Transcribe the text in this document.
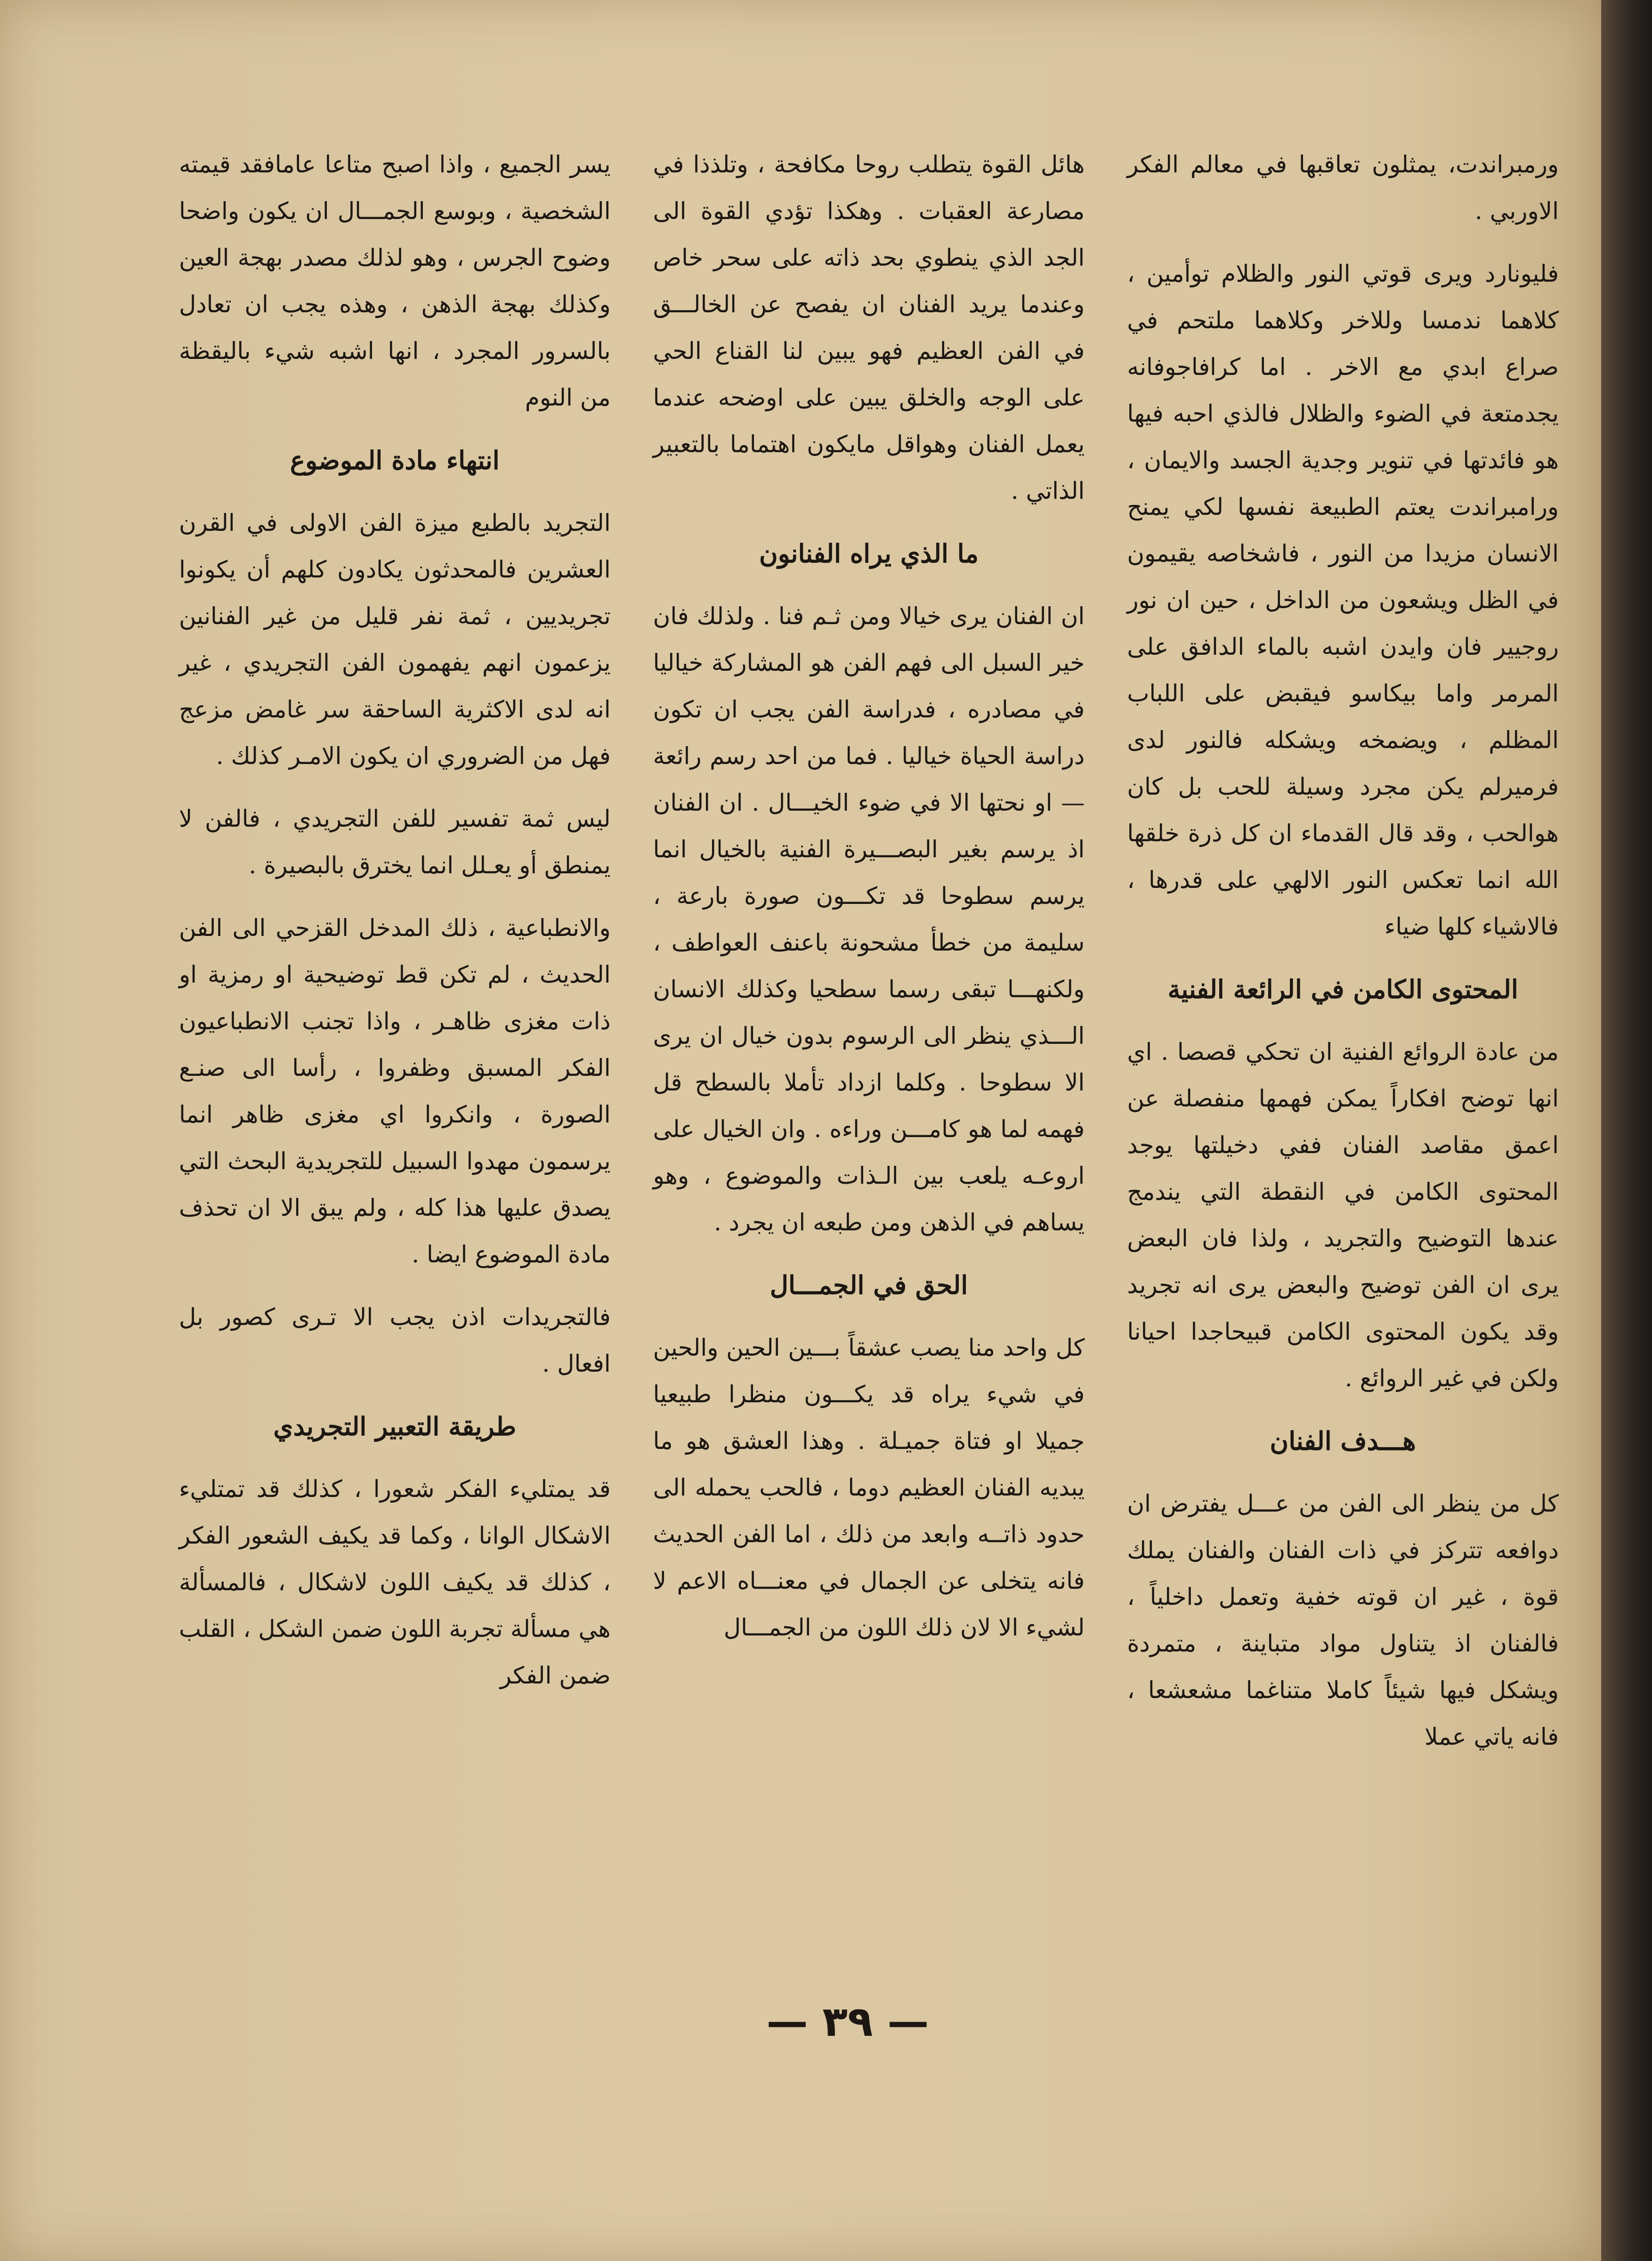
ورمبراندت، يمثلون تعاقبها في معالم الفكر الاوربي .

فليونارد ويرى قوتي النور والظلام توأمين ، كلاهما ندمسا وللاخر وكلاهما ملتحم في صراع ابدي مع الاخر . اما كرافاجوفانه يجدمتعة في الضوء والظلال فالذي احبه فيها هو فائدتها في تنوير وجدية الجسد والايمان ، ورامبراندت يعتم الطبيعة نفسها لكي يمنح الانسان مزيدا من النور ، فاشخاصه يقيمون في الظل ويشعون من الداخل ، حين ان نور روجيير فان وايدن اشبه بالماء الدافق على المرمر واما بيكاسو فيقبض على اللباب المظلم ، ويضمخه ويشكله فالنور لدى فرميرلم يكن مجرد وسيلة للحب بل كان هوالحب ، وقد قال القدماء ان كل ذرة خلقها الله انما تعكس النور الالهي على قدرها ، فالاشياء كلها ضياء

المحتوى الكامن في الرائعة الفنية

من عادة الروائع الفنية ان تحكي قصصا . اي انها توضح افكاراً يمكن فهمها منفصلة عن اعمق مقاصد الفنان ففي دخيلتها يوجد المحتوى الكامن في النقطة التي يندمج عندها التوضيح والتجريد ، ولذا فان البعض يرى ان الفن توضيح والبعض يرى انه تجريد وقد يكون المحتوى الكامن قبيحاجدا احيانا ولكن في غير الروائع .

هـــدف الفنان

كل من ينظر الى الفن من عـــل يفترض ان دوافعه تتركز في ذات الفنان والفنان يملك قوة ، غير ان قوته خفية وتعمل داخلياً ، فالفنان اذ يتناول مواد متباينة ، متمردة ويشكل فيها شيئاً كاملا متناغما مشعشعا ، فانه ياتي عملا

هائل القوة يتطلب روحا مكافحة ، وتلذذا في مصارعة العقبات . وهكذا تؤدي القوة الى الجد الذي ينطوي بحد ذاته على سحر خاص وعندما يريد الفنان ان يفصح عن الخالـــق في الفن العظيم فهو يبين لنا القناع الحي على الوجه والخلق يبين على اوضحه عندما يعمل الفنان وهواقل مايكون اهتماما بالتعبير الذاتي .

ما الذي يراه الفنانون

ان الفنان يرى خيالا ومن ثـم فنا . ولذلك فان خير السبل الى فهم الفن هو المشاركة خياليا في مصادره ، فدراسة الفن يجب ان تكون دراسة الحياة خياليا . فما من احد رسم رائعة — او نحتها الا في ضوء الخيـــال . ان الفنان اذ يرسم بغير البصـــيرة الفنية بالخيال انما يرسم سطوحا قد تكـــون صورة بارعة ، سليمة من خطأ مشحونة باعنف العواطف ، ولكنهـــا تبقى رسما سطحيا وكذلك الانسان الـــذي ينظر الى الرسوم بدون خيال ان يرى الا سطوحا . وكلما ازداد تأملا بالسطح قل فهمه لما هو كامـــن وراءه . وان الخيال على اروعـه يلعب بين الـذات والموضوع ، وهو يساهم في الذهن ومن طبعه ان يجرد .

الحق في الجمـــال

كل واحد منا يصب عشقاً بـــين الحين والحين في شيء يراه قد يكـــون منظرا طبيعيا جميلا او فتاة جميـلة . وهذا العشق هو ما يبديه الفنان العظيم دوما ، فالحب يحمله الى حدود ذاتــه وابعد من ذلك ، اما الفن الحديث فانه يتخلى عن الجمال في معنـــاه الاعم لا لشيء الا لان ذلك اللون من الجمـــال

يسر الجميع ، واذا اصبح متاعا عامافقد قيمته الشخصية ، وبوسع الجمـــال ان يكون واضحا وضوح الجرس ، وهو لذلك مصدر بهجة العين وكذلك بهجة الذهن ، وهذه يجب ان تعادل بالسرور المجرد ، انها اشبه شيء باليقظة من النوم

انتهاء مادة الموضوع

التجريد بالطبع ميزة الفن الاولى في القرن العشرين فالمحدثون يكادون كلهم أن يكونوا تجريديين ، ثمة نفر قليل من غير الفنانين يزعمون انهم يفهمون الفن التجريدي ، غير انه لدى الاكثرية الساحقة سر غامض مزعج فهل من الضروري ان يكون الامـر كذلك .

ليس ثمة تفسير للفن التجريدي ، فالفن لا يمنطق أو يعـلل انما يخترق بالبصيرة .

والانطباعية ، ذلك المدخل القزحي الى الفن الحديث ، لم تكن قط توضيحية او رمزية او ذات مغزى ظاهـر ، واذا تجنب الانطباعيون الفكر المسبق وظفروا ، رأسا الى صنـع الصورة ، وانكروا اي مغزى ظاهر انما يرسمون مهدوا السبيل للتجريدية البحث التي يصدق عليها هذا كله ، ولم يبق الا ان تحذف مادة الموضوع ايضا .

فالتجريدات اذن يجب الا تـرى كصور بل افعال .

طريقة التعبير التجريدي

قد يمتليء الفكر شعورا ، كذلك قد تمتليء الاشكال الوانا ، وكما قد يكيف الشعور الفكر ، كذلك قد يكيف اللون لاشكال ، فالمسألة هي مسألة تجربة اللون ضمن الشكل ، القلب ضمن الفكر

— ٣٩ —
